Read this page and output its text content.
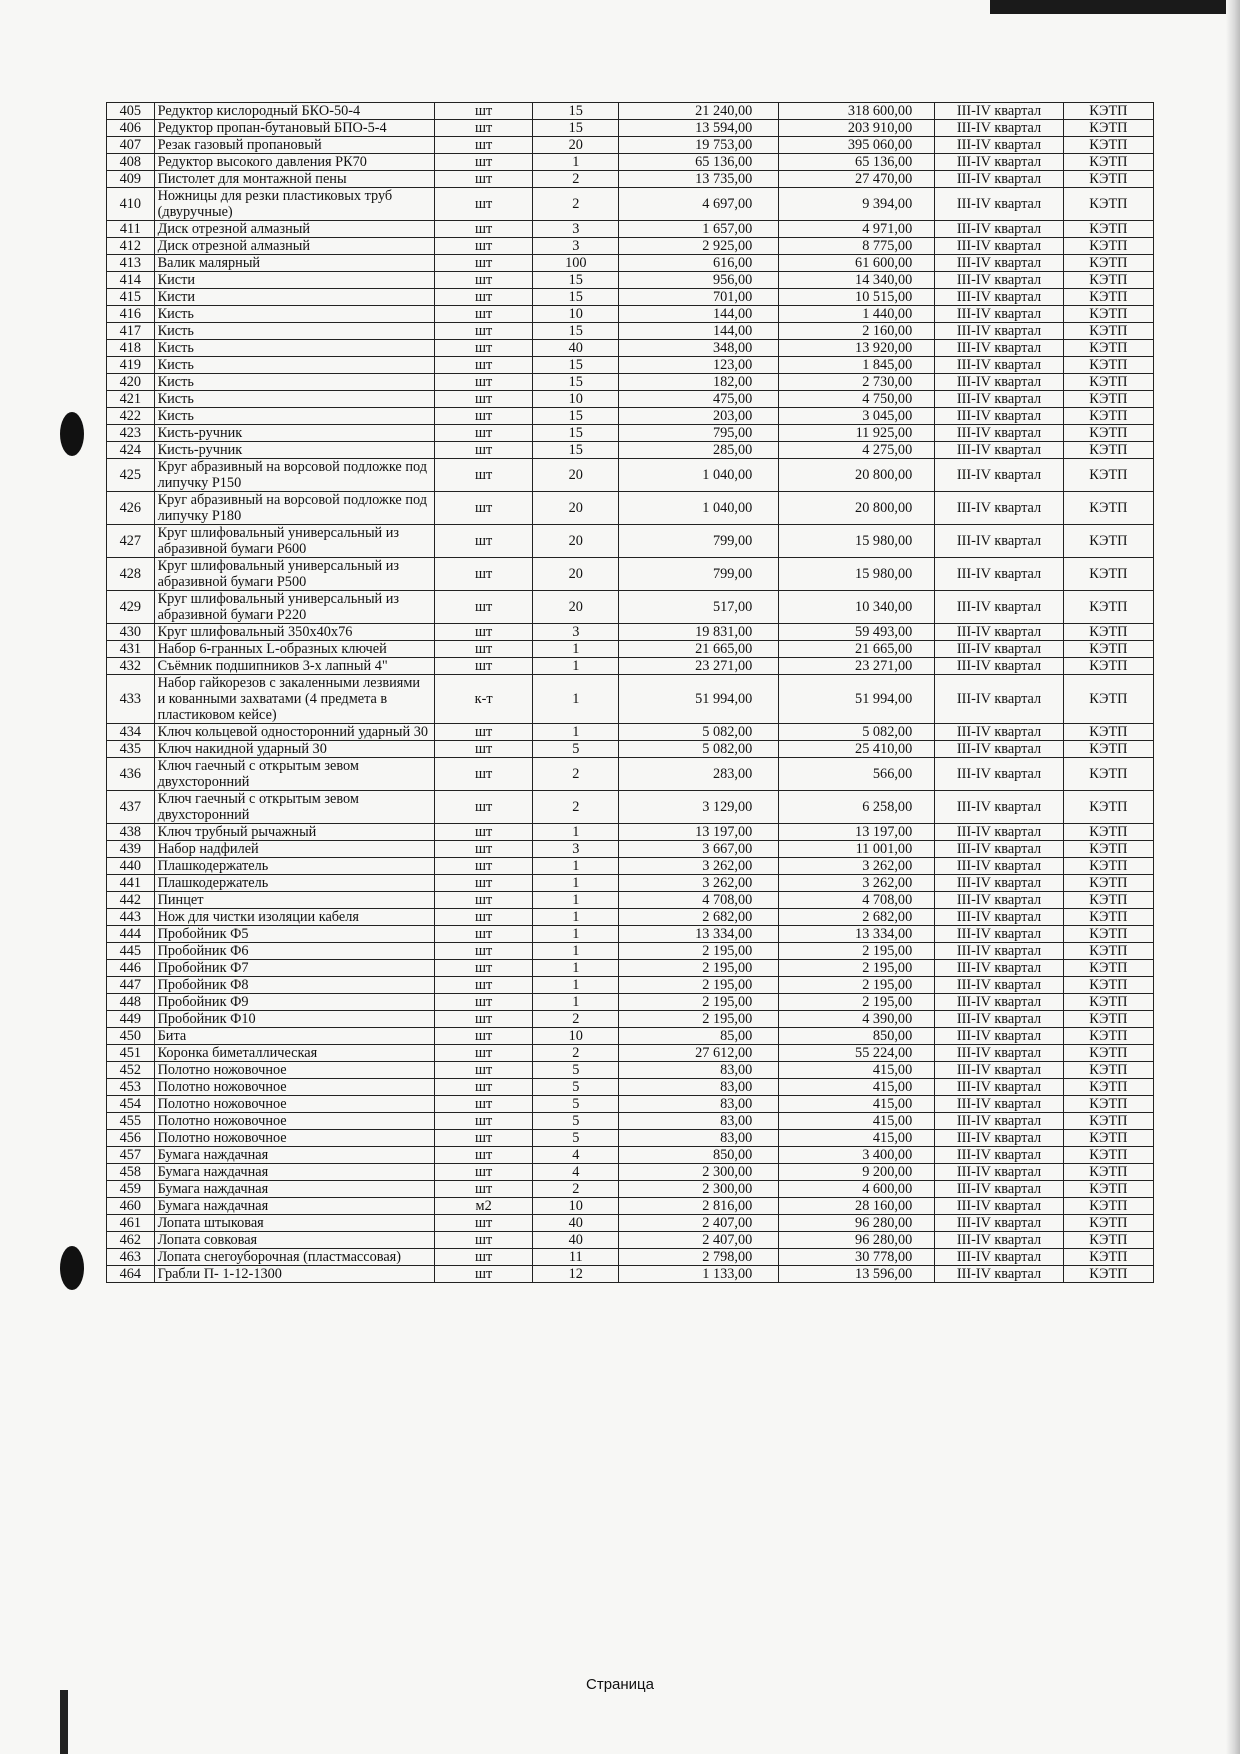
405	Редуктор кислородный БКО-50-4	шт	15	21 240,00	318 600,00	III-IV квартал	КЭТП
406	Редуктор пропан-бутановый БПО-5-4	шт	15	13 594,00	203 910,00	III-IV квартал	КЭТП
407	Резак газовый пропановый	шт	20	19 753,00	395 060,00	III-IV квартал	КЭТП
408	Редуктор высокого давления РК70	шт	1	65 136,00	65 136,00	III-IV квартал	КЭТП
409	Пистолет для монтажной пены	шт	2	13 735,00	27 470,00	III-IV квартал	КЭТП
410	Ножницы для резки пластиковых труб (двуручные)	шт	2	4 697,00	9 394,00	III-IV квартал	КЭТП
411	Диск отрезной алмазный	шт	3	1 657,00	4 971,00	III-IV квартал	КЭТП
412	Диск отрезной алмазный	шт	3	2 925,00	8 775,00	III-IV квартал	КЭТП
413	Валик малярный	шт	100	616,00	61 600,00	III-IV квартал	КЭТП
414	Кисти	шт	15	956,00	14 340,00	III-IV квартал	КЭТП
415	Кисти	шт	15	701,00	10 515,00	III-IV квартал	КЭТП
416	Кисть	шт	10	144,00	1 440,00	III-IV квартал	КЭТП
417	Кисть	шт	15	144,00	2 160,00	III-IV квартал	КЭТП
418	Кисть	шт	40	348,00	13 920,00	III-IV квартал	КЭТП
419	Кисть	шт	15	123,00	1 845,00	III-IV квартал	КЭТП
420	Кисть	шт	15	182,00	2 730,00	III-IV квартал	КЭТП
421	Кисть	шт	10	475,00	4 750,00	III-IV квартал	КЭТП
422	Кисть	шт	15	203,00	3 045,00	III-IV квартал	КЭТП
423	Кисть-ручник	шт	15	795,00	11 925,00	III-IV квартал	КЭТП
424	Кисть-ручник	шт	15	285,00	4 275,00	III-IV квартал	КЭТП
425	Круг абразивный на ворсовой подложке под липучку Р150	шт	20	1 040,00	20 800,00	III-IV квартал	КЭТП
426	Круг абразивный на ворсовой подложке под липучку Р180	шт	20	1 040,00	20 800,00	III-IV квартал	КЭТП
427	Круг шлифовальный универсальный из абразивной бумаги Р600	шт	20	799,00	15 980,00	III-IV квартал	КЭТП
428	Круг шлифовальный универсальный из абразивной бумаги Р500	шт	20	799,00	15 980,00	III-IV квартал	КЭТП
429	Круг шлифовальный универсальный из абразивной бумаги Р220	шт	20	517,00	10 340,00	III-IV квартал	КЭТП
430	Круг шлифовальный 350х40х76	шт	3	19 831,00	59 493,00	III-IV квартал	КЭТП
431	Набор 6-гранных L-образных ключей	шт	1	21 665,00	21 665,00	III-IV квартал	КЭТП
432	Съёмник подшипников 3-х лапный 4"	шт	1	23 271,00	23 271,00	III-IV квартал	КЭТП
433	Набор гайкорезов с закаленными лезвиями и кованными захватами (4 предмета в пластиковом кейсе)	к-т	1	51 994,00	51 994,00	III-IV квартал	КЭТП
434	Ключ кольцевой односторонний ударный 30	шт	1	5 082,00	5 082,00	III-IV квартал	КЭТП
435	Ключ накидной ударный 30	шт	5	5 082,00	25 410,00	III-IV квартал	КЭТП
436	Ключ гаечный с открытым зевом двухсторонний	шт	2	283,00	566,00	III-IV квартал	КЭТП
437	Ключ гаечный с открытым зевом двухсторонний	шт	2	3 129,00	6 258,00	III-IV квартал	КЭТП
438	Ключ трубный рычажный	шт	1	13 197,00	13 197,00	III-IV квартал	КЭТП
439	Набор надфилей	шт	3	3 667,00	11 001,00	III-IV квартал	КЭТП
440	Плашкодержатель	шт	1	3 262,00	3 262,00	III-IV квартал	КЭТП
441	Плашкодержатель	шт	1	3 262,00	3 262,00	III-IV квартал	КЭТП
442	Пинцет	шт	1	4 708,00	4 708,00	III-IV квартал	КЭТП
443	Нож для чистки изоляции кабеля	шт	1	2 682,00	2 682,00	III-IV квартал	КЭТП
444	Пробойник Ф5	шт	1	13 334,00	13 334,00	III-IV квартал	КЭТП
445	Пробойник Ф6	шт	1	2 195,00	2 195,00	III-IV квартал	КЭТП
446	Пробойник Ф7	шт	1	2 195,00	2 195,00	III-IV квартал	КЭТП
447	Пробойник Ф8	шт	1	2 195,00	2 195,00	III-IV квартал	КЭТП
448	Пробойник Ф9	шт	1	2 195,00	2 195,00	III-IV квартал	КЭТП
449	Пробойник Ф10	шт	2	2 195,00	4 390,00	III-IV квартал	КЭТП
450	Бита	шт	10	85,00	850,00	III-IV квартал	КЭТП
451	Коронка биметаллическая	шт	2	27 612,00	55 224,00	III-IV квартал	КЭТП
452	Полотно ножовочное	шт	5	83,00	415,00	III-IV квартал	КЭТП
453	Полотно ножовочное	шт	5	83,00	415,00	III-IV квартал	КЭТП
454	Полотно ножовочное	шт	5	83,00	415,00	III-IV квартал	КЭТП
455	Полотно ножовочное	шт	5	83,00	415,00	III-IV квартал	КЭТП
456	Полотно ножовочное	шт	5	83,00	415,00	III-IV квартал	КЭТП
457	Бумага наждачная	шт	4	850,00	3 400,00	III-IV квартал	КЭТП
458	Бумага наждачная	шт	4	2 300,00	9 200,00	III-IV квартал	КЭТП
459	Бумага наждачная	шт	2	2 300,00	4 600,00	III-IV квартал	КЭТП
460	Бумага наждачная	м2	10	2 816,00	28 160,00	III-IV квартал	КЭТП
461	Лопата штыковая	шт	40	2 407,00	96 280,00	III-IV квартал	КЭТП
462	Лопата совковая	шт	40	2 407,00	96 280,00	III-IV квартал	КЭТП
463	Лопата снегоуборочная (пластмассовая)	шт	11	2 798,00	30 778,00	III-IV квартал	КЭТП
464	Грабли П- 1-12-1300	шт	12	1 133,00	13 596,00	III-IV квартал	КЭТП
Страница
